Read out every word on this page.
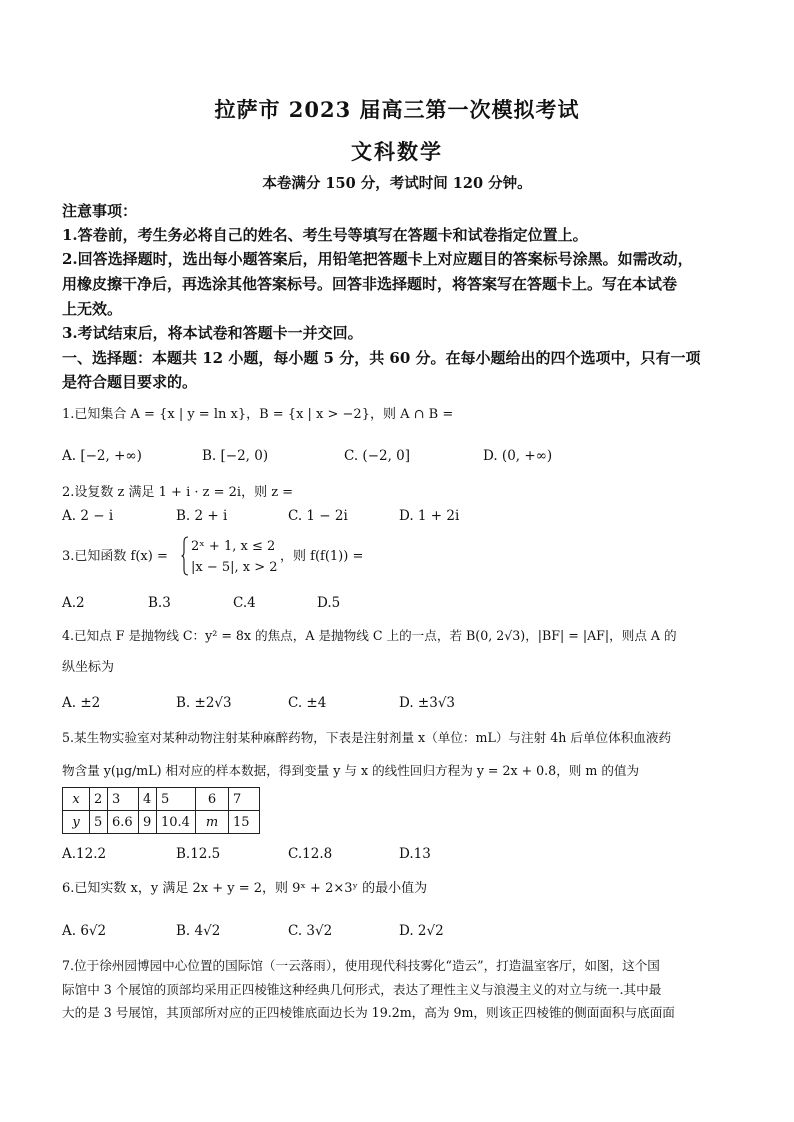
拉萨市 2023 届高三第一次模拟考试
文科数学
本卷满分 150 分，考试时间 120 分钟。
注意事项：
1.答卷前，考生务必将自己的姓名、考生号等填写在答题卡和试卷指定位置上。
2.回答选择题时，选出每小题答案后，用铅笔把答题卡上对应题目的答案标号涂黑。如需改动，
用橡皮擦干净后，再选涂其他答案标号。回答非选择题时，将答案写在答题卡上。写在本试卷
上无效。
3.考试结束后，将本试卷和答题卡一并交回。
一、选择题：本题共 12 小题，每小题 5 分，共 60 分。在每小题给出的四个选项中，只有一项
是符合题目要求的。
1.已知集合 A = {x | y = ln x}，B = {x | x > −2}，则 A ∩ B =
A. [−2, +∞)	B. [−2, 0)	C. (−2, 0]	D. (0, +∞)
2.设复数 z 满足 1 + i · z = 2i，则 z =
A. 2 − i	B. 2 + i	C. 1 − 2i	D. 1 + 2i
3.已知函数 f(x) =
2ˣ + 1, x ≤ 2
|x − 5|, x > 2
，则 f(f(1)) =
A.2	B.3	C.4	D.5
4.已知点 F 是抛物线 C：y² = 8x 的焦点，A 是抛物线 C 上的一点，若 B(0, 2√3)，|BF| = |AF|，则点 A 的
纵坐标为
A. ±2	B. ±2√3	C. ±4	D. ±3√3
5.某生物实验室对某种动物注射某种麻醉药物，下表是注射剂量 x（单位：mL）与注射 4h 后单位体积血液药
物含量 y(μg/mL) 相对应的样本数据，得到变量 y 与 x 的线性回归方程为 y = 2x + 0.8，则 m 的值为
x	2	3	4	5	6	7
y	5	6.6	9	10.4	m	15
A.12.2	B.12.5	C.12.8	D.13
6.已知实数 x，y 满足 2x + y = 2，则 9ˣ + 2×3ʸ 的最小值为
A. 6√2	B. 4√2	C. 3√2	D. 2√2
7.位于徐州园博园中心位置的国际馆（一云落雨），使用现代科技雾化“造云”，打造温室客厅，如图，这个国
际馆中 3 个展馆的顶部均采用正四棱锥这种经典几何形式，表达了理性主义与浪漫主义的对立与统一.其中最
大的是 3 号展馆，其顶部所对应的正四棱锥底面边长为 19.2m，高为 9m，则该正四棱锥的侧面面积与底面面
